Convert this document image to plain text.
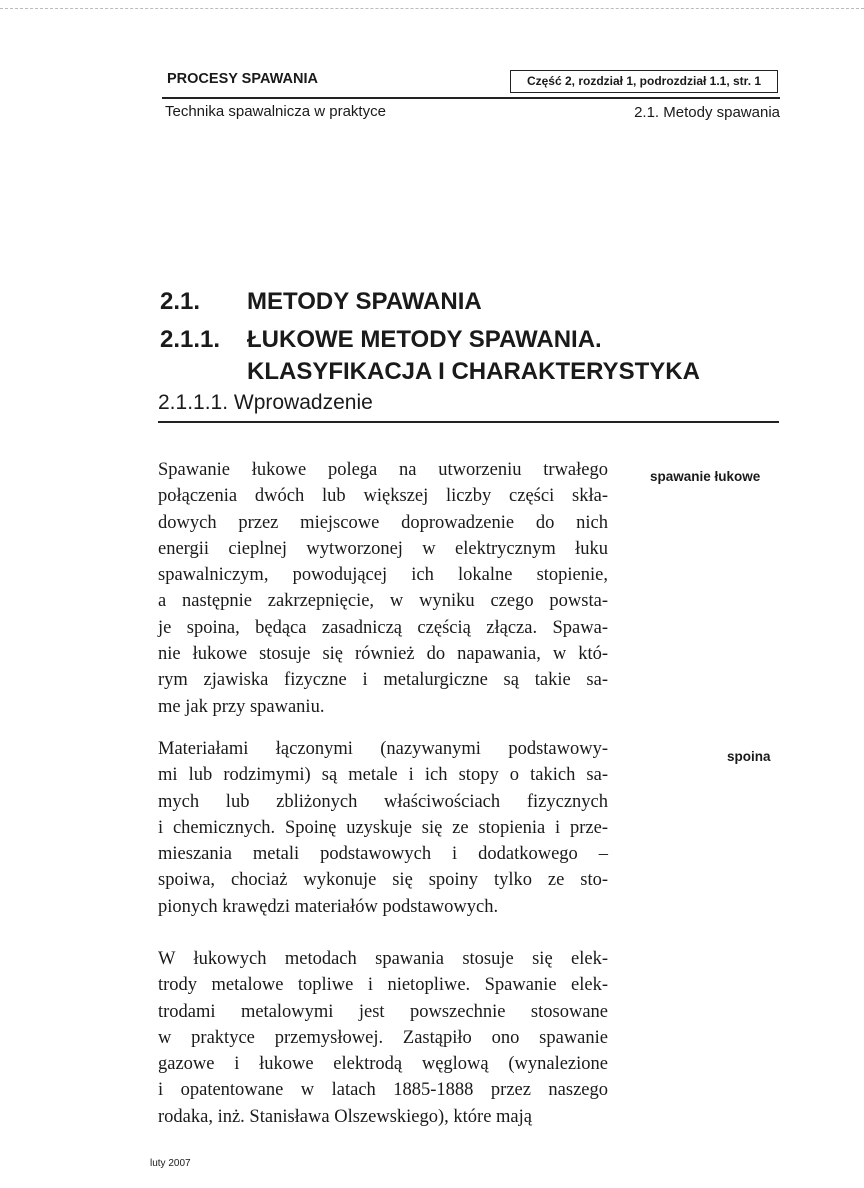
PROCESY SPAWANIA	Część 2, rozdział 1, podrozdział 1.1, str. 1
Technika spawalnicza w praktyce	2.1. Metody spawania
2.1. METODY SPAWANIA
2.1.1. ŁUKOWE METODY SPAWANIA.
KLASYFIKACJA I CHARAKTERYSTYKA
2.1.1.1. Wprowadzenie
Spawanie łukowe polega na utworzeniu trwałego
połączenia dwóch lub większej liczby części skła-
dowych przez miejscowe doprowadzenie do nich
energii cieplnej wytworzonej w elektrycznym łuku
spawalniczym, powodującej ich lokalne stopienie,
a następnie zakrzepnięcie, w wyniku czego powsta-
je spoina, będąca zasadniczą częścią złącza. Spawa-
nie łukowe stosuje się również do napawania, w któ-
rym zjawiska fizyczne i metalurgiczne są takie sa-
me jak przy spawaniu.
Materiałami łączonymi (nazywanymi podstawowy-
mi lub rodzimymi) są metale i ich stopy o takich sa-
mych lub zbliżonych właściwościach fizycznych
i chemicznych. Spoinę uzyskuje się ze stopienia i prze-
mieszania metali podstawowych i dodatkowego –
spoiwa, chociaż wykonuje się spoiny tylko ze sto-
pionych krawędzi materiałów podstawowych.
W łukowych metodach spawania stosuje się elek-
trody metalowe topliwe i nietopliwe. Spawanie elek-
trodami metalowymi jest powszechnie stosowane
w praktyce przemysłowej. Zastąpiło ono spawanie
gazowe i łukowe elektrodą węglową (wynalezione
i opatentowane w latach 1885-1888 przez naszego
rodaka, inż. Stanisława Olszewskiego), które mają
spawanie łukowe
spoina
luty 2007
